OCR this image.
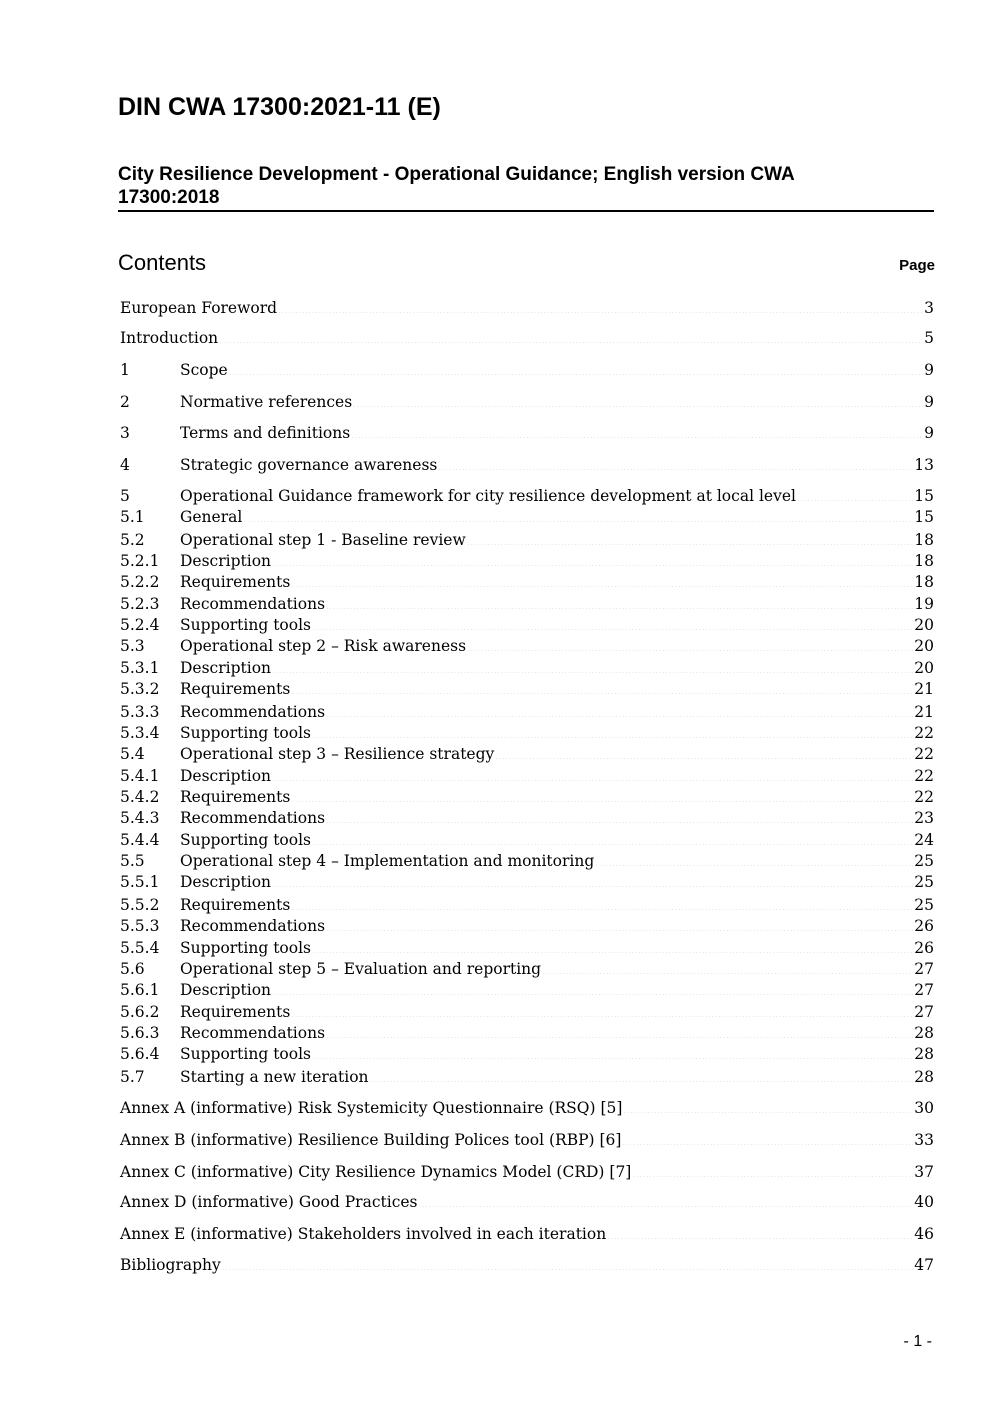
DIN CWA 17300:2021-11 (E)
City Resilience Development - Operational Guidance; English version CWA 17300:2018
Contents	Page
European Foreword .....	3
Introduction .....	5
1	Scope .....	9
2	Normative references .....	9
3	Terms and definitions .....	9
4	Strategic governance awareness .....	13
5	Operational Guidance framework for city resilience development at local level .....	15
5.1	General .....	15
5.2	Operational step 1 - Baseline review .....	18
5.2.1	Description .....	18
5.2.2	Requirements .....	18
5.2.3	Recommendations .....	19
5.2.4	Supporting tools .....	20
5.3	Operational step 2 – Risk awareness .....	20
5.3.1	Description .....	20
5.3.2	Requirements .....	21
5.3.3	Recommendations .....	21
5.3.4	Supporting tools .....	22
5.4	Operational step 3 – Resilience strategy .....	22
5.4.1	Description .....	22
5.4.2	Requirements .....	22
5.4.3	Recommendations .....	23
5.4.4	Supporting tools .....	24
5.5	Operational step 4 – Implementation and monitoring .....	25
5.5.1	Description .....	25
5.5.2	Requirements .....	25
5.5.3	Recommendations .....	26
5.5.4	Supporting tools .....	26
5.6	Operational step 5 – Evaluation and reporting .....	27
5.6.1	Description .....	27
5.6.2	Requirements .....	27
5.6.3	Recommendations .....	28
5.6.4	Supporting tools .....	28
5.7	Starting a new iteration .....	28
Annex A (informative) Risk Systemicity Questionnaire (RSQ) [5] .....	30
Annex B (informative) Resilience Building Polices tool (RBP) [6] .....	33
Annex C (informative) City Resilience Dynamics Model (CRD) [7] .....	37
Annex D (informative) Good Practices .....	40
Annex E (informative) Stakeholders involved in each iteration .....	46
Bibliography .....	47
- 1 -
